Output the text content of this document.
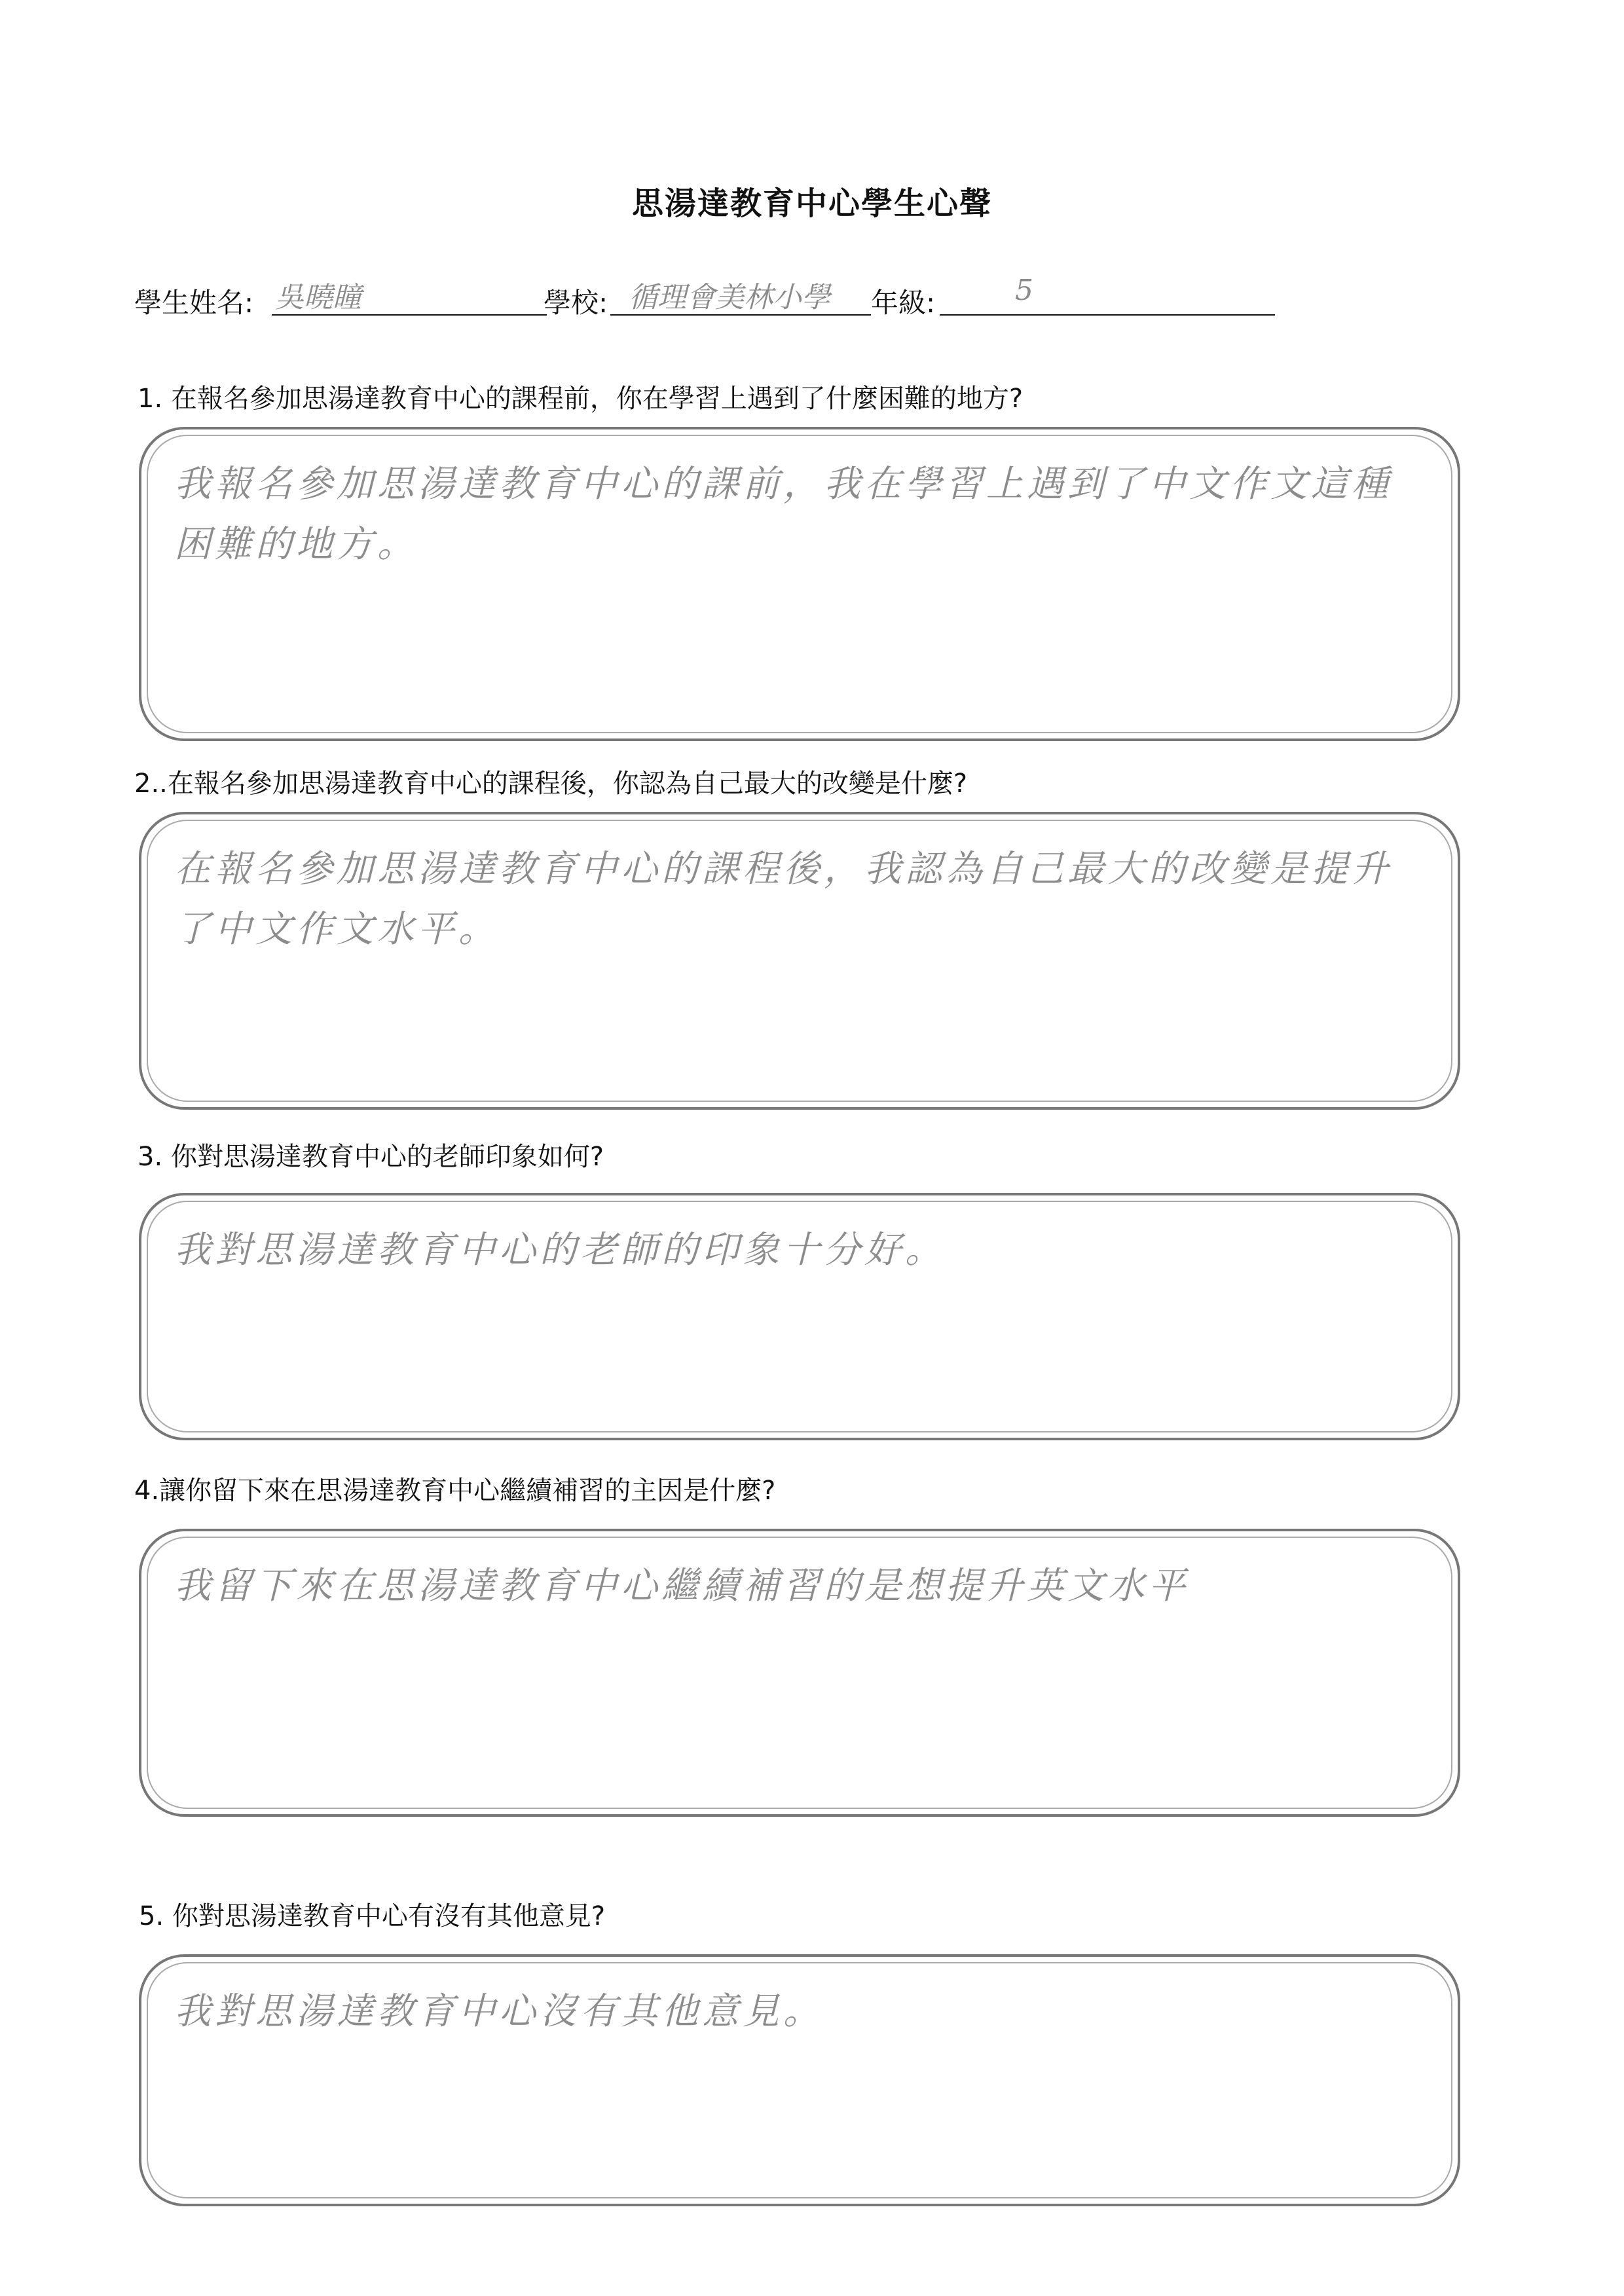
思湯達教育中心學生心聲
學生姓名: 吳曉瞳	學校: 循理會美林小學 年級:	5
1. 在報名參加思湯達教育中心的課程前，你在學習上遇到了什麼困難的地方?
我報名參加思湯達教育中心的課前，我在學習上遇到了中文作文這種困難的地方。
2..在報名參加思湯達教育中心的課程後，你認為自己最大的改變是什麼?
在報名參加思湯達教育中心的課程後，我認為自己最大的改變是提升了中文作文水平。
3. 你對思湯達教育中心的老師印象如何?
我對思湯達教育中心的老師的印象十分好。
4.讓你留下來在思湯達教育中心繼續補習的主因是什麼?
我留下來在思湯達教育中心繼續補習的是想提升英文水平
5. 你對思湯達教育中心有沒有其他意見?
我對思湯達教育中心沒有其他意見。
